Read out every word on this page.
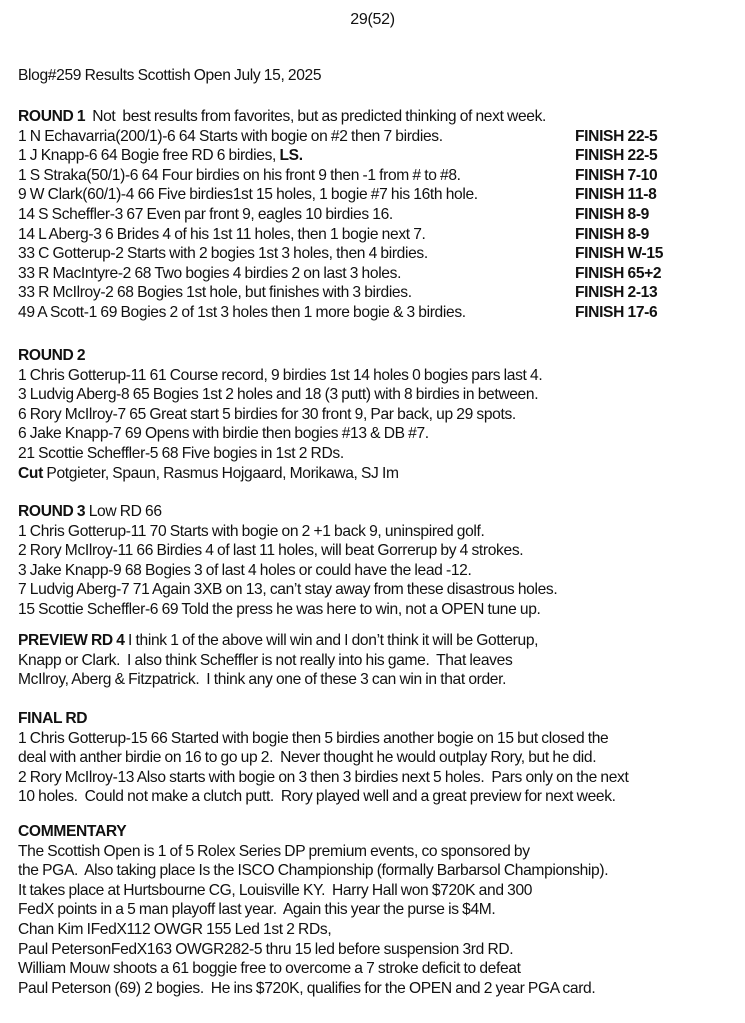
29(52)
Blog#259 Results Scottish Open July 15, 2025
ROUND 1  Not  best results from favorites, but as predicted thinking of next week.
1 N Echavarria(200/1)-6 64 Starts with bogie on #2 then 7 birdies.	FINISH 22-5
1 J Knapp-6 64 Bogie free RD 6 birdies, LS.	FINISH 22-5
1 S Straka(50/1)-6 64 Four birdies on his front 9 then -1 from # to #8.	FINISH 7-10
9 W Clark(60/1)-4 66 Five birdies1st 15 holes, 1 bogie #7 his 16th hole.	FINISH 11-8
14 S Scheffler-3 67 Even par front 9, eagles 10 birdies 16.	FINISH 8-9
14 L Aberg-3 6 Brides 4 of his 1st 11 holes, then 1 bogie next 7.	FINISH 8-9
33 C Gotterup-2 Starts with 2 bogies 1st 3 holes, then 4 birdies.	FINISH W-15
33 R MacIntyre-2 68 Two bogies 4 birdies 2 on last 3 holes.	FINISH 65+2
33 R McIlroy-2 68 Bogies 1st hole, but finishes with 3 birdies.	FINISH 2-13
49 A Scott-1 69 Bogies 2 of 1st 3 holes then 1 more bogie & 3 birdies.	FINISH 17-6
ROUND 2
1 Chris Gotterup-11 61 Course record, 9 birdies 1st 14 holes 0 bogies pars last 4.
3 Ludvig Aberg-8 65 Bogies 1st 2 holes and 18 (3 putt) with 8 birdies in between.
6 Rory McIlroy-7 65 Great start 5 birdies for 30 front 9, Par back, up 29 spots.
6 Jake Knapp-7 69 Opens with birdie then bogies #13 & DB #7.
21 Scottie Scheffler-5 68 Five bogies in 1st 2 RDs.
Cut Potgieter, Spaun, Rasmus Hojgaard, Morikawa, SJ Im
ROUND 3 Low RD 66
1 Chris Gotterup-11 70 Starts with bogie on 2 +1 back 9, uninspired golf.
2 Rory McIlroy-11 66 Birdies 4 of last 11 holes, will beat Gorrerup by 4 strokes.
3 Jake Knapp-9 68 Bogies 3 of last 4 holes or could have the lead -12.
7 Ludvig Aberg-7 71 Again 3XB on 13, can’t stay away from these disastrous holes.
15 Scottie Scheffler-6 69 Told the press he was here to win, not a OPEN tune up.
PREVIEW RD 4 I think 1 of the above will win and I don’t think it will be Gotterup,
Knapp or Clark.  I also think Scheffler is not really into his game.  That leaves
McIlroy, Aberg & Fitzpatrick.  I think any one of these 3 can win in that order.
FINAL RD
1 Chris Gotterup-15 66 Started with bogie then 5 birdies another bogie on 15 but closed the
deal with anther birdie on 16 to go up 2.  Never thought he would outplay Rory, but he did.
2 Rory McIlroy-13 Also starts with bogie on 3 then 3 birdies next 5 holes.  Pars only on the next
10 holes.  Could not make a clutch putt.  Rory played well and a great preview for next week.
COMMENTARY
The Scottish Open is 1 of 5 Rolex Series DP premium events, co sponsored by
the PGA.  Also taking place Is the ISCO Championship (formally Barbarsol Championship).
It takes place at Hurtsbourne CG, Louisville KY.  Harry Hall won $720K and 300
FedX points in a 5 man playoff last year.  Again this year the purse is $4M.
Chan Kim IFedX112 OWGR 155 Led 1st 2 RDs,
Paul PetersonFedX163 OWGR282-5 thru 15 led before suspension 3rd RD.
William Mouw shoots a 61 boggie free to overcome a 7 stroke deficit to defeat
Paul Peterson (69) 2 bogies.  He ins $720K, qualifies for the OPEN and 2 year PGA card.
